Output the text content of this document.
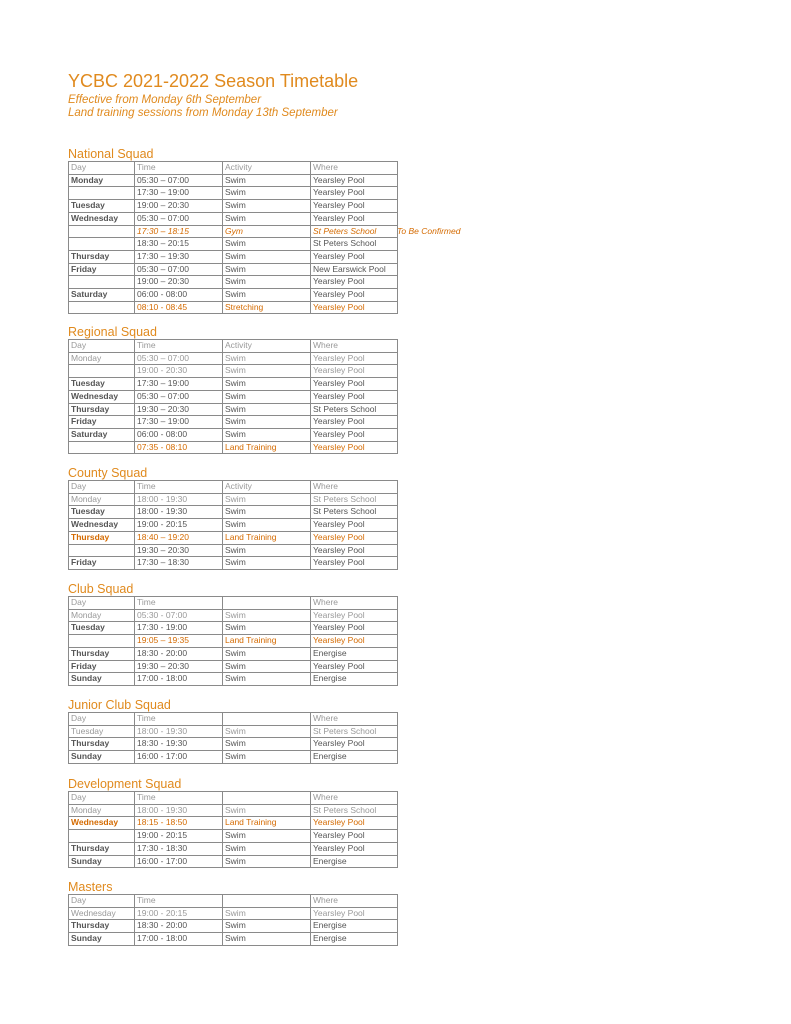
YCBC 2021-2022 Season Timetable

Effective from Monday 6th September

Land training sessions from Monday 13th September

To Be Confirmed
National Squad
Day	Time	Activity	Where
Monday	05:30 – 07:00	Swim	Yearsley Pool
	17:30 – 19:00	Swim	Yearsley Pool
Tuesday	19:00 – 20:30	Swim	Yearsley Pool
Wednesday	05:30 – 07:00	Swim	Yearsley Pool
	17:30 – 18:15	Gym	St Peters School
	18:30 – 20:15	Swim	St Peters School
Thursday	17:30 – 19:30	Swim	Yearsley Pool
Friday	05:30 – 07:00	Swim	New Earswick Pool
	19:00 – 20:30	Swim	Yearsley Pool
Saturday	06:00 - 08:00	Swim	Yearsley Pool
	08:10 - 08:45	Stretching	Yearsley Pool
Regional Squad
Day	Time	Activity	Where
Monday	05:30 – 07:00	Swim	Yearsley Pool
	19:00 - 20:30	Swim	Yearsley Pool
Tuesday	17:30 – 19:00	Swim	Yearsley Pool
Wednesday	05:30 – 07:00	Swim	Yearsley Pool
Thursday	19:30 – 20:30	Swim	St Peters School
Friday	17:30 – 19:00	Swim	Yearsley Pool
Saturday	06:00 - 08:00	Swim	Yearsley Pool
	07:35 - 08:10	Land Training	Yearsley Pool
County Squad
Day	Time	Activity	Where
Monday	18:00 - 19:30	Swim	St Peters School
Tuesday	18:00 - 19:30	Swim	St Peters School
Wednesday	19:00 - 20:15	Swim	Yearsley Pool
Thursday	18:40 – 19:20	Land Training	Yearsley Pool
	19:30 – 20:30	Swim	Yearsley Pool
Friday	17:30 – 18:30	Swim	Yearsley Pool
Club Squad
Day	Time		Where
Monday	05:30 - 07:00	Swim	Yearsley Pool
Tuesday	17:30 - 19:00	Swim	Yearsley Pool
	19:05 – 19:35	Land Training	Yearsley Pool
Thursday	18:30 - 20:00	Swim	Energise
Friday	19:30 – 20:30	Swim	Yearsley Pool
Sunday	17:00 - 18:00	Swim	Energise
Junior Club Squad
Day	Time		Where
Tuesday	18:00 - 19:30	Swim	St Peters School
Thursday	18:30 - 19:30	Swim	Yearsley Pool
Sunday	16:00 - 17:00	Swim	Energise
Development Squad
Day	Time		Where
Monday	18:00 - 19:30	Swim	St Peters School
Wednesday	18:15 - 18:50	Land Training	Yearsley Pool
	19:00 - 20:15	Swim	Yearsley Pool
Thursday	17:30 - 18:30	Swim	Yearsley Pool
Sunday	16:00 - 17:00	Swim	Energise
Masters
Day	Time		Where
Wednesday	19:00 - 20:15	Swim	Yearsley Pool
Thursday	18:30 - 20:00	Swim	Energise
Sunday	17:00 - 18:00	Swim	Energise
